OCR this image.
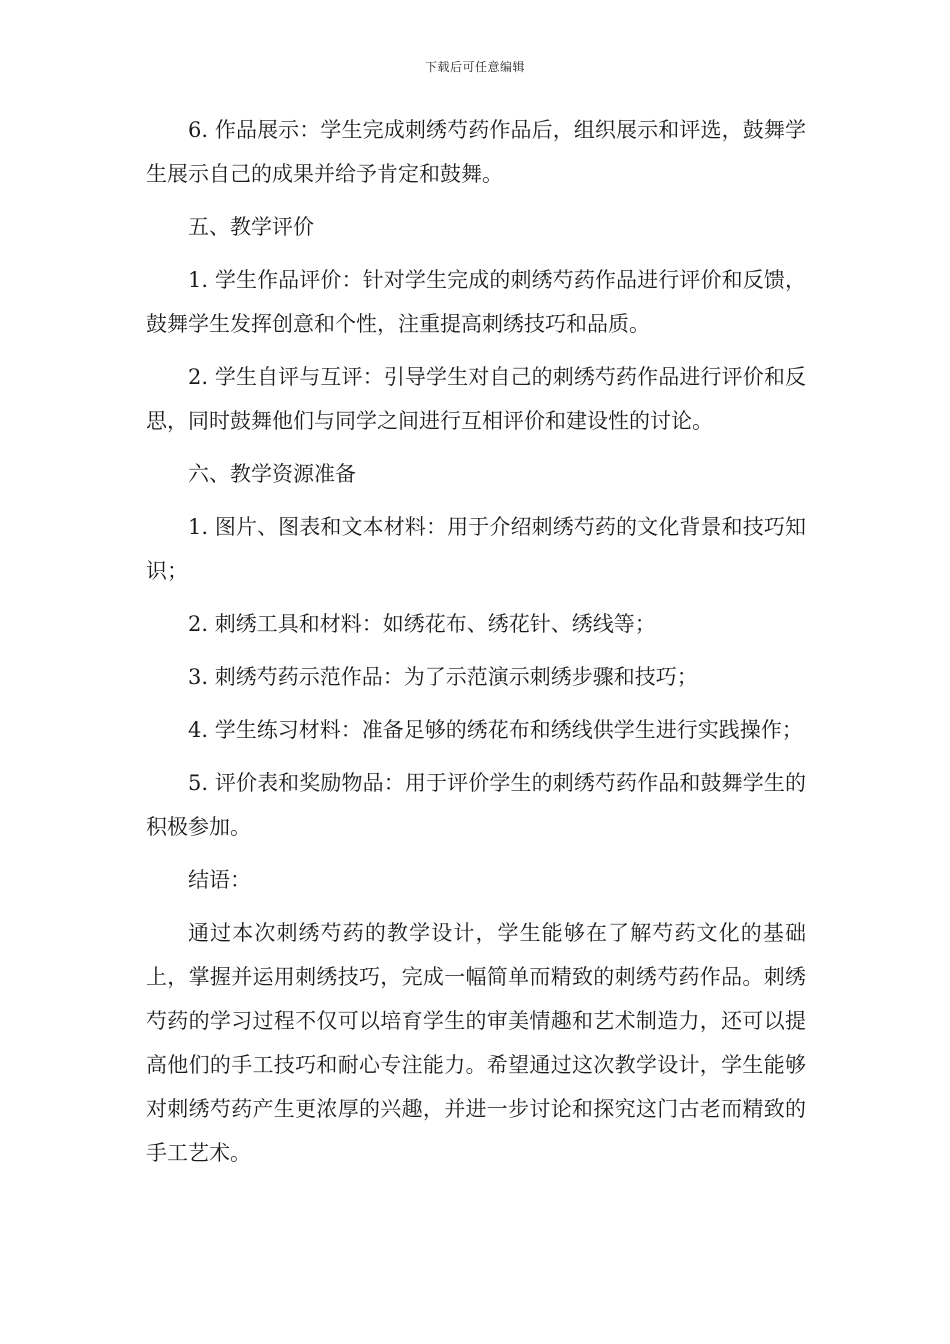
下载后可任意编辑

6. 作品展示：学生完成刺绣芍药作品后，组织展示和评选，鼓舞学生展示自己的成果并给予肯定和鼓舞。

五、教学评价

1. 学生作品评价：针对学生完成的刺绣芍药作品进行评价和反馈，鼓舞学生发挥创意和个性，注重提高刺绣技巧和品质。

2. 学生自评与互评：引导学生对自己的刺绣芍药作品进行评价和反思，同时鼓舞他们与同学之间进行互相评价和建设性的讨论。

六、教学资源准备

1. 图片、图表和文本材料：用于介绍刺绣芍药的文化背景和技巧知识；

2. 刺绣工具和材料：如绣花布、绣花针、绣线等；

3. 刺绣芍药示范作品：为了示范演示刺绣步骤和技巧；

4. 学生练习材料：准备足够的绣花布和绣线供学生进行实践操作；

5. 评价表和奖励物品：用于评价学生的刺绣芍药作品和鼓舞学生的积极参加。

结语：

通过本次刺绣芍药的教学设计，学生能够在了解芍药文化的基础上，掌握并运用刺绣技巧，完成一幅简单而精致的刺绣芍药作品。刺绣芍药的学习过程不仅可以培育学生的审美情趣和艺术制造力，还可以提高他们的手工技巧和耐心专注能力。希望通过这次教学设计，学生能够对刺绣芍药产生更浓厚的兴趣，并进一步讨论和探究这门古老而精致的手工艺术。
